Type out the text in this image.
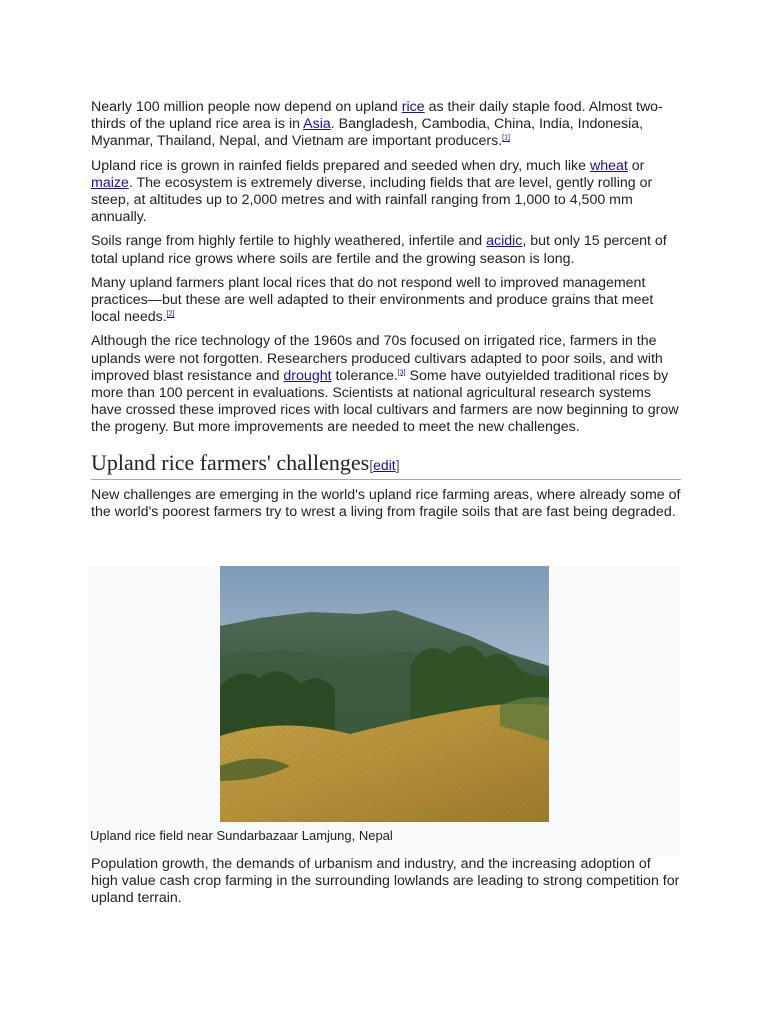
Nearly 100 million people now depend on upland rice as their daily staple food. Almost two-thirds of the upland rice area is in Asia. Bangladesh, Cambodia, China, India, Indonesia, Myanmar, Thailand, Nepal, and Vietnam are important producers.[1]

Upland rice is grown in rainfed fields prepared and seeded when dry, much like wheat or maize. The ecosystem is extremely diverse, including fields that are level, gently rolling or steep, at altitudes up to 2,000 metres and with rainfall ranging from 1,000 to 4,500 mm annually.

Soils range from highly fertile to highly weathered, infertile and acidic, but only 15 percent of total upland rice grows where soils are fertile and the growing season is long.

Many upland farmers plant local rices that do not respond well to improved management practices—but these are well adapted to their environments and produce grains that meet local needs.[2]

Although the rice technology of the 1960s and 70s focused on irrigated rice, farmers in the uplands were not forgotten. Researchers produced cultivars adapted to poor soils, and with improved blast resistance and drought tolerance.[3] Some have outyielded traditional rices by more than 100 percent in evaluations. Scientists at national agricultural research systems have crossed these improved rices with local cultivars and farmers are now beginning to grow the progeny. But more improvements are needed to meet the new challenges.

Upland rice farmers' challenges[edit]

New challenges are emerging in the world's upland rice farming areas, where already some of the world's poorest farmers try to wrest a living from fragile soils that are fast being degraded.

Upland rice field near Sundarbazaar Lamjung, Nepal

Population growth, the demands of urbanism and industry, and the increasing adoption of high value cash crop farming in the surrounding lowlands are leading to strong competition for upland terrain.
